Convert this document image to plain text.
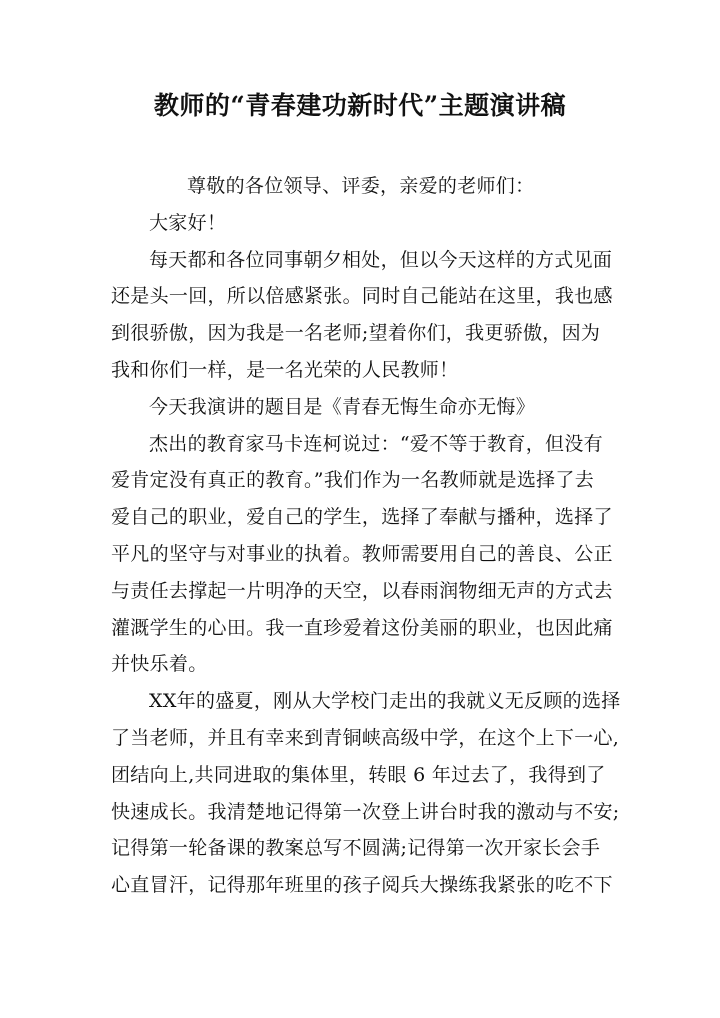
教师的“青春建功新时代”主题演讲稿

尊敬的各位领导、评委，亲爱的老师们：

大家好！
每天都和各位同事朝夕相处，但以今天这样的方式见面
还是头一回，所以倍感紧张。同时自己能站在这里，我也感
到很骄傲，因为我是一名老师;望着你们，我更骄傲，因为
我和你们一样，是一名光荣的人民教师！
今天我演讲的题目是《青春无悔生命亦无悔》
杰出的教育家马卡连柯说过：“爱不等于教育，但没有
爱肯定没有真正的教育。”我们作为一名教师就是选择了去
爱自己的职业，爱自己的学生，选择了奉献与播种，选择了
平凡的坚守与对事业的执着。教师需要用自己的善良、公正
与责任去撑起一片明净的天空，以春雨润物细无声的方式去
灌溉学生的心田。我一直珍爱着这份美丽的职业，也因此痛
并快乐着。
XX年的盛夏，刚从大学校门走出的我就义无反顾的选择
了当老师，并且有幸来到青铜峡高级中学，在这个上下一心,
团结向上,共同进取的集体里，转眼 6 年过去了，我得到了
快速成长。我清楚地记得第一次登上讲台时我的激动与不安;
记得第一轮备课的教案总写不圆满;记得第一次开家长会手
心直冒汗，记得那年班里的孩子阅兵大操练我紧张的吃不下
